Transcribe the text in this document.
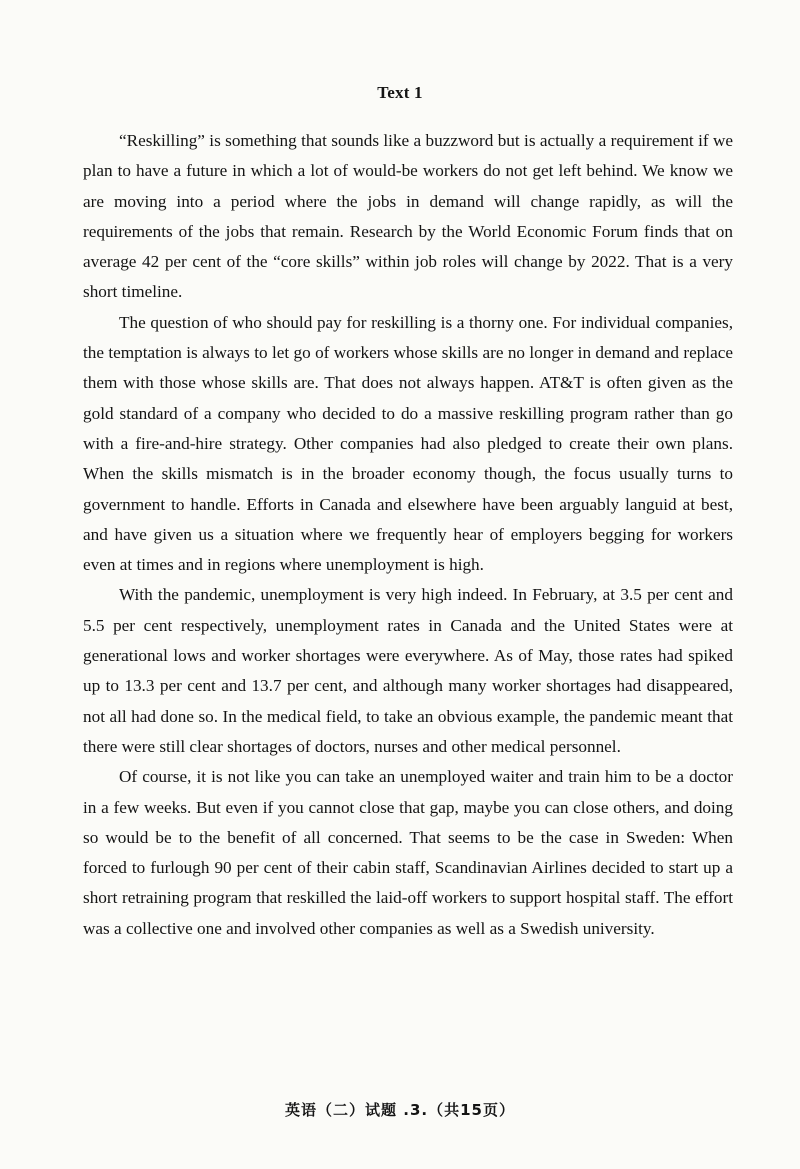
Text 1

“Reskilling” is something that sounds like a buzzword but is actually a requirement if we plan to have a future in which a lot of would-be workers do not get left behind. We know we are moving into a period where the jobs in demand will change rapidly, as will the requirements of the jobs that remain. Research by the World Economic Forum finds that on average 42 per cent of the “core skills” within job roles will change by 2022. That is a very short timeline.

The question of who should pay for reskilling is a thorny one. For individual companies, the temptation is always to let go of workers whose skills are no longer in demand and replace them with those whose skills are. That does not always happen. AT&T is often given as the gold standard of a company who decided to do a massive reskilling program rather than go with a fire-and-hire strategy. Other companies had also pledged to create their own plans. When the skills mismatch is in the broader economy though, the focus usually turns to government to handle. Efforts in Canada and elsewhere have been arguably languid at best, and have given us a situation where we frequently hear of employers begging for workers even at times and in regions where unemployment is high.

With the pandemic, unemployment is very high indeed. In February, at 3.5 per cent and 5.5 per cent respectively, unemployment rates in Canada and the United States were at generational lows and worker shortages were everywhere. As of May, those rates had spiked up to 13.3 per cent and 13.7 per cent, and although many worker shortages had disappeared, not all had done so. In the medical field, to take an obvious example, the pandemic meant that there were still clear shortages of doctors, nurses and other medical personnel.

Of course, it is not like you can take an unemployed waiter and train him to be a doctor in a few weeks. But even if you cannot close that gap, maybe you can close others, and doing so would be to the benefit of all concerned. That seems to be the case in Sweden: When forced to furlough 90 per cent of their cabin staff, Scandinavian Airlines decided to start up a short retraining program that reskilled the laid-off workers to support hospital staff. The effort was a collective one and involved other companies as well as a Swedish university.

英语（二）试题 .3.（共15页）
